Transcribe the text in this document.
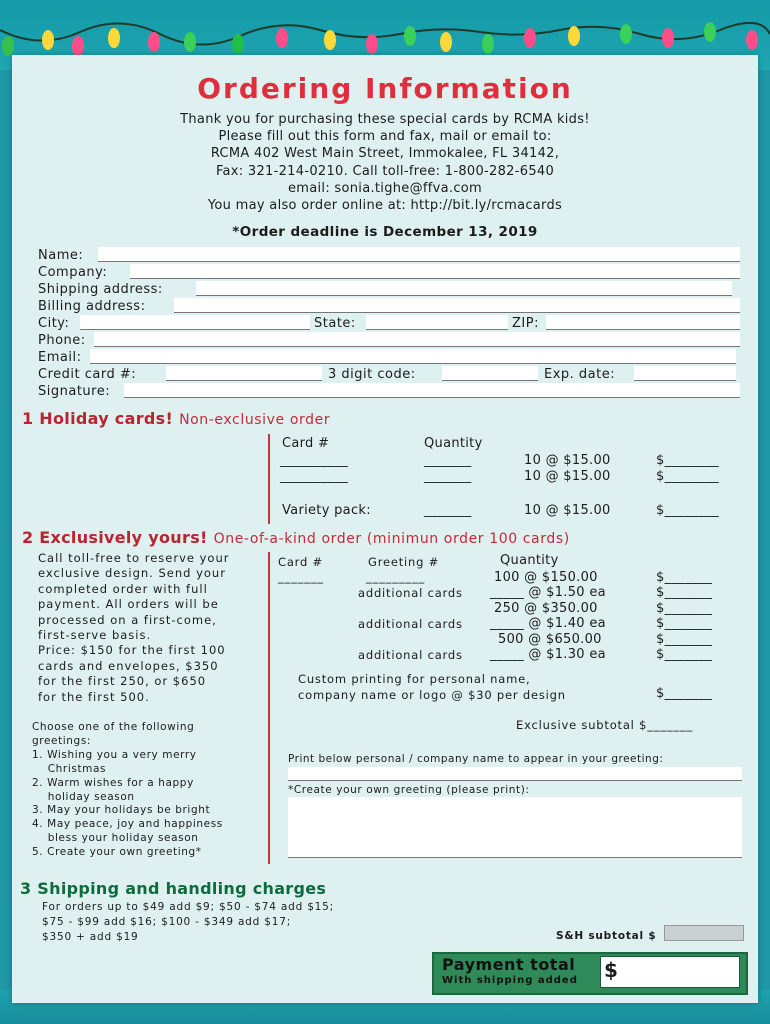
Ordering Information
Thank you for purchasing these special cards by RCMA kids!
Please fill out this form and fax, mail or email to:
RCMA 402 West Main Street, Immokalee, FL 34142,
Fax: 321-214-0210. Call toll-free: 1-800-282-6540
email: sonia.tighe@ffva.com
You may also order online at: http://bit.ly/rcmacards
*Order deadline is December 13, 2019
Name:
Company:
Shipping address:
Billing address:
City:	State:	ZIP:
Phone:
Email:
Credit card #:	3 digit code:	Exp. date:
Signature:
1 Holiday cards! Non-exclusive order
Card #	Quantity
__________	_______	10 @ $15.00	$________
__________	_______	10 @ $15.00	$________
Variety pack:	_______	10 @ $15.00	$________
2 Exclusively yours! One-of-a-kind order (minimun order 100 cards)
Call toll-free to reserve your
exclusive design. Send your
completed order with full
payment. All orders will be
processed on a first-come,
first-serve basis.
Price: $150 for the first 100
cards and envelopes, $350
for the first 250, or $650
for the first 500.
Choose one of the following
greetings:
1. Wishing you a very merry
Christmas
2. Warm wishes for a happy
holiday season
3. May your holidays be bright
4. May peace, joy and happiness
bless your holiday season
5. Create your own greeting*
Card #	Greeting #	Quantity
_______	_________	100 @ $150.00	$_______
additional cards _____ @ $1.50 ea	$_______
250 @ $350.00	$_______
additional cards _____ @ $1.40 ea	$_______
500 @ $650.00	$_______
additional cards _____ @ $1.30 ea	$_______
Custom printing for personal name,
company name or logo @ $30 per design	$_______
Exclusive subtotal $_______
Print below personal / company name to appear in your greeting:
*Create your own greeting (please print):
3 Shipping and handling charges
For orders up to $49 add $9; $50 - $74 add $15;
$75 - $99 add $16; $100 - $349 add $17;
$350 + add $19	S&H subtotal $
Payment total
With shipping added $
